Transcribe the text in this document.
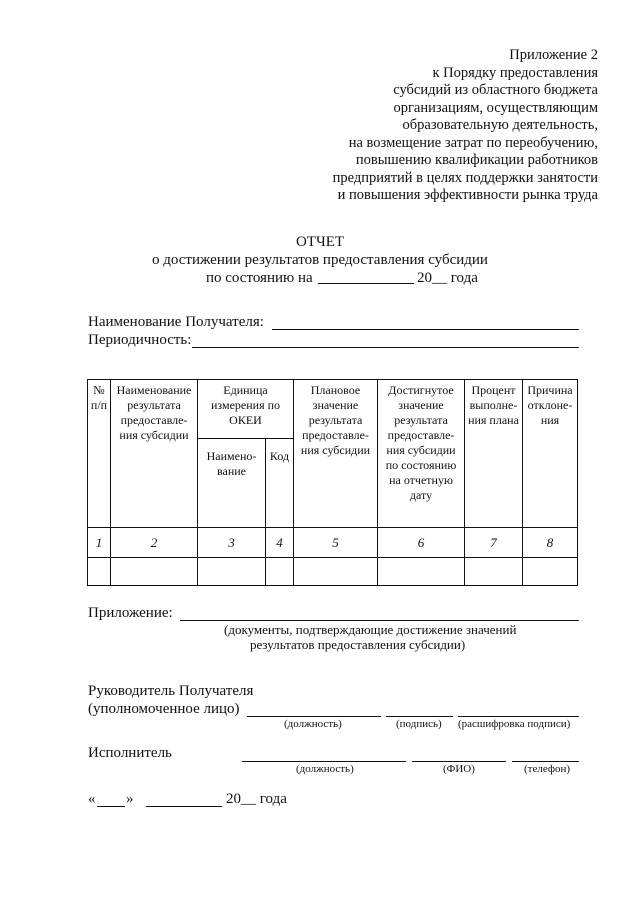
Приложение 2
к Порядку предоставления
субсидий из областного бюджета
организациям, осуществляющим
образовательную деятельность,
на возмещение затрат по переобучению,
повышению квалификации работников
предприятий в целях поддержки занятости
и повышения эффективности рынка труда
ОТЧЕТ
о достижении результатов предоставления субсидии
по состоянию на	20__ года
Наименование Получателя:
Периодичность:
№ п/п	Наименование результата предоставле-ния субсидии	Единица измерения по ОКЕИ		Плановое значение результата предоставле-ния субсидии	Достигнутое значение результата предоставле-ния субсидии по состоянию на отчетную дату	Процент выполне-ния плана	Причина отклоне-ния
		Наимено-вание	Код				
1	2	3	4	5	6	7	8

Приложение:
(документы, подтверждающие достижение значений
результатов предоставления субсидии)
Руководитель Получателя
(уполномоченное лицо)
(должность)	(подпись) (расшифровка подписи)
Исполнитель
(должность)	(ФИО)	(телефон)
« »	20__ года
